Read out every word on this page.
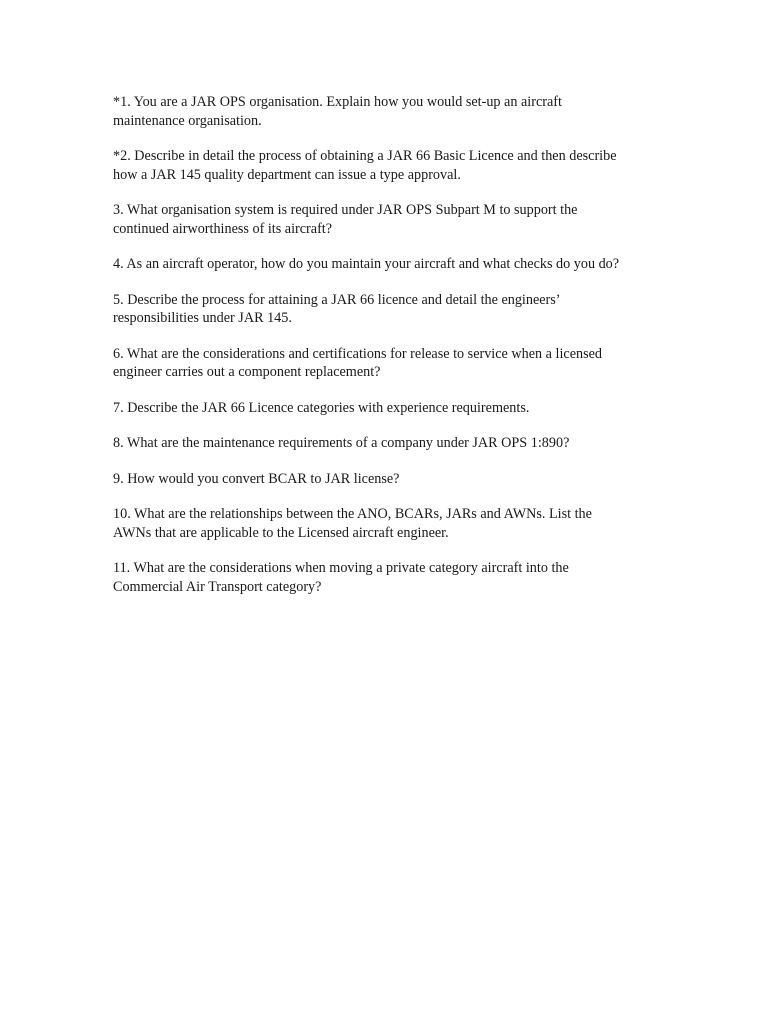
*1. You are a JAR OPS organisation. Explain how you would set-up an aircraft
maintenance organisation.
*2. Describe in detail the process of obtaining a JAR 66 Basic Licence and then describe
how a JAR 145 quality department can issue a type approval.
3. What organisation system is required under JAR OPS Subpart M to support the
continued airworthiness of its aircraft?
4. As an aircraft operator, how do you maintain your aircraft and what checks do you do?
5. Describe the process for attaining a JAR 66 licence and detail the engineers’
responsibilities under JAR 145.
6. What are the considerations and certifications for release to service when a licensed
engineer carries out a component replacement?
7. Describe the JAR 66 Licence categories with experience requirements.
8. What are the maintenance requirements of a company under JAR OPS 1:890?
9. How would you convert BCAR to JAR license?
10. What are the relationships between the ANO, BCARs, JARs and AWNs. List the
AWNs that are applicable to the Licensed aircraft engineer.
11. What are the considerations when moving a private category aircraft into the
Commercial Air Transport category?
